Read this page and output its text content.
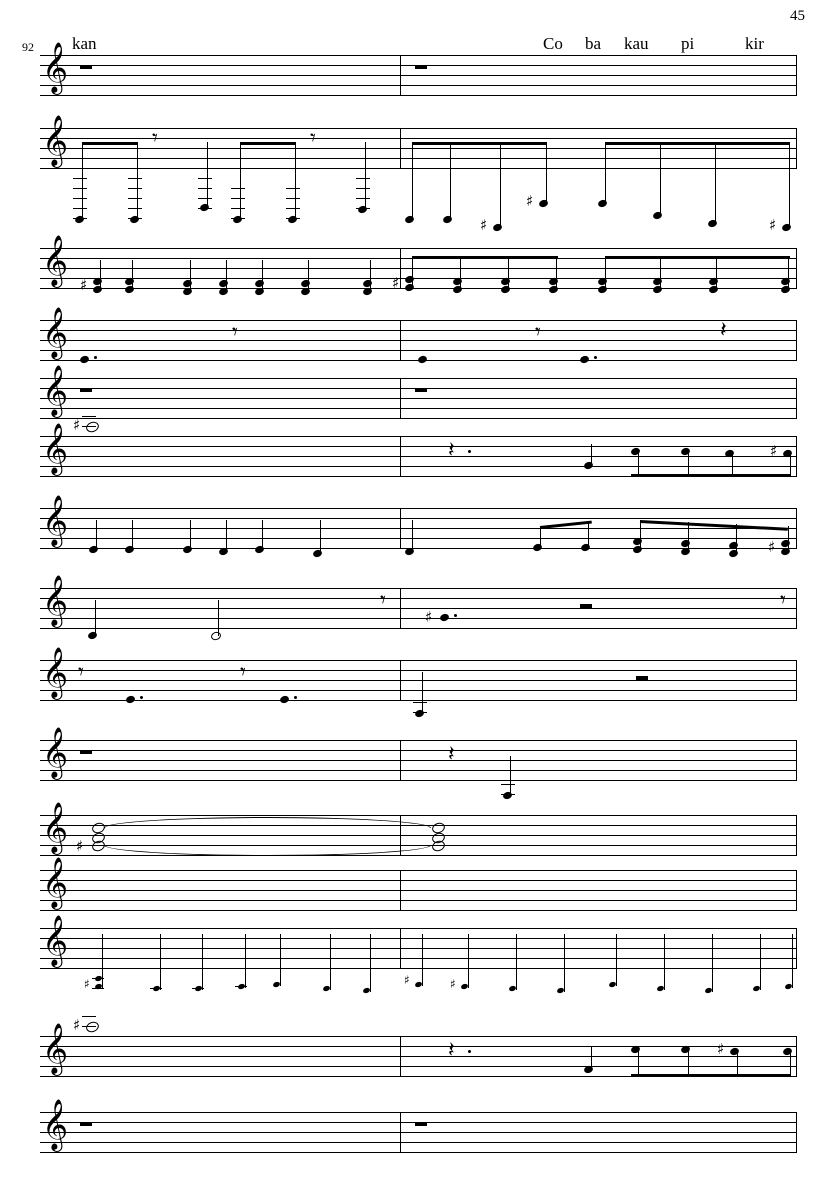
45
92 kan	Co ba kau pi	kir
𝄞
𝄞	𝄾	𝄾
♯
♯
♯
𝄞 ♯	♯
𝄞	𝄾	𝄾	𝄽
𝄞
𝄞 ♯
𝄽	♯
𝄞
♯
𝄞	𝄾
♯
𝄾
𝄞 𝄾	𝄾
𝄞	𝄽
𝄞 ♯
𝄞
𝄞
♯	♯	♯
𝄞 ♯
𝄽	♯
𝄞
